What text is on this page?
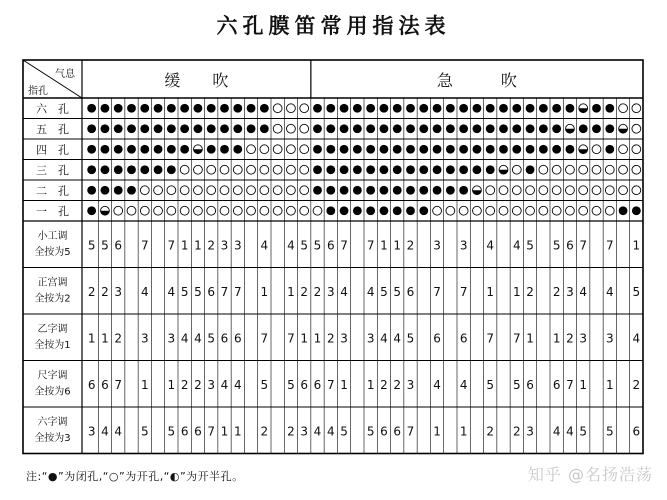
六孔膜笛常用指法表
气息
指孔
缓　　吹	急　　　吹
六　孔
五　孔
四　孔
三　孔
二　孔
一　孔
小工调
全按为5
5 5 6 7 7 1 1 2 3 3 4 4 5 5 6 7 7 1 1 2 3 3 4 4 5 5 6 7 7 1
正宫调
全按为2
2 2 3 4 4 5 5 6 7 7 1 1 2 2 3 4 4 5 5 6 7 7 1 1 2 2 3 4 4 5
乙字调
全按为1
1 1 2 3 3 4 4 5 6 6 7 7 1 1 2 3 3 4 4 5 6 6 7 7 1 1 2 3 3 4
尺字调
全按为6
6 6 7 1 1 2 2 3 4 4 5 5 6 6 7 1 1 2 2 3 4 4 5 5 6 6 7 1 1 2
六字调
全按为3
3 4 4 5 5 6 6 7 1 1 2 2 3 4 4 5 5 6 6 7 1 1 2 2 3 4 4 5 5 6
注:“●”为闭孔,“○”为开孔,“◐”为开半孔。	知乎 @名扬浩荡
